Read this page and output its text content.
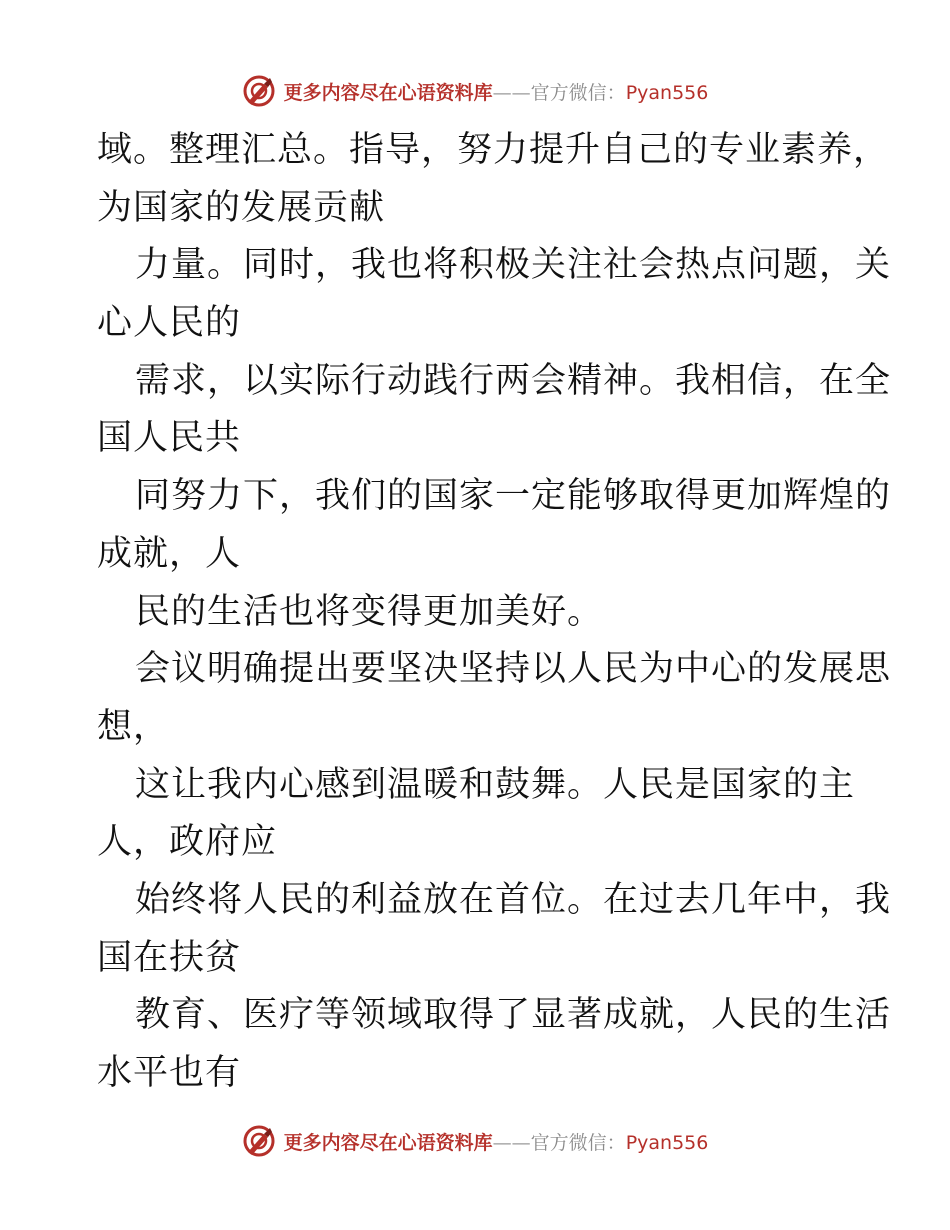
更多内容尽在心语资料库——官方微信：Pyan556
域。整理汇总。指导，努力提升自己的专业素养，
为国家的发展贡献
力量。同时，我也将积极关注社会热点问题，关
心人民的
需求，以实际行动践行两会精神。我相信，在全
国人民共
同努力下，我们的国家一定能够取得更加辉煌的
成就，人
民的生活也将变得更加美好。
会议明确提出要坚决坚持以人民为中心的发展思
想，
这让我内心感到温暖和鼓舞。人民是国家的主
人，政府应
始终将人民的利益放在首位。在过去几年中，我
国在扶贫
教育、医疗等领域取得了显著成就，人民的生活
水平也有
更多内容尽在心语资料库——官方微信：Pyan556
